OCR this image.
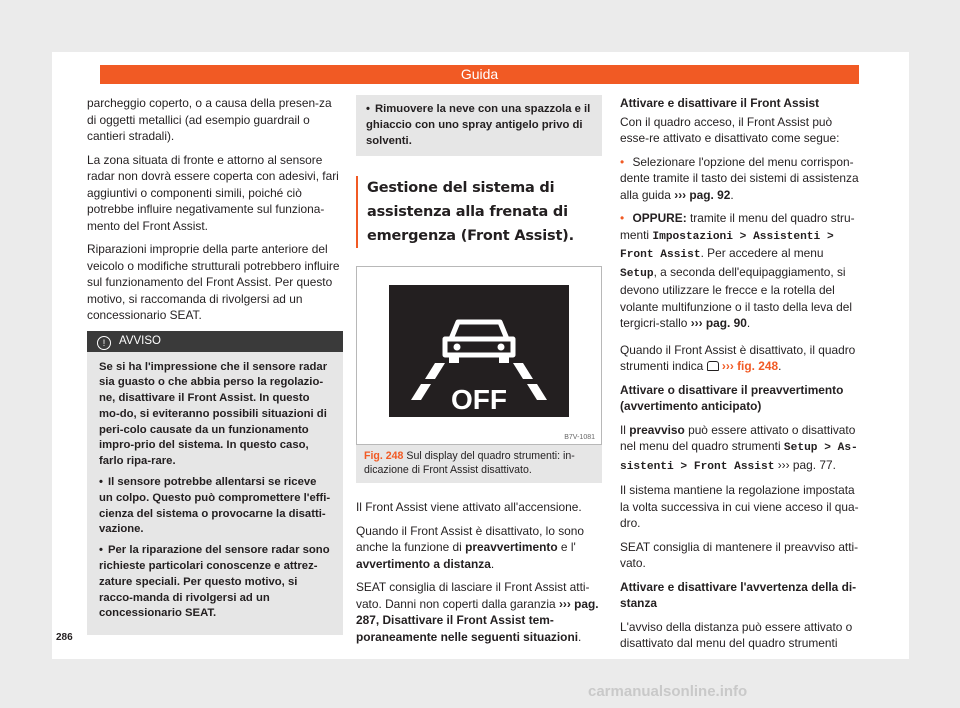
Guida

parcheggio coperto, o a causa della presen-za di oggetti metallici (ad esempio guardrail o cantieri stradali).

La zona situata di fronte e attorno al sensore radar non dovrà essere coperta con adesivi, fari aggiuntivi o componenti simili, poiché ciò potrebbe influire negativamente sul funziona-mento del Front Assist.

Riparazioni improprie della parte anteriore del veicolo o modifiche strutturali potrebbero influire sul funzionamento del Front Assist. Per questo motivo, si raccomanda di rivolgersi ad un concessionario SEAT.

! AVVISO

Se si ha l'impressione che il sensore radar sia guasto o che abbia perso la regolazio-ne, disattivare il Front Assist. In questo mo-do, si eviteranno possibili situazioni di peri-colo causate da un funzionamento impro-prio del sistema. In questo caso, farlo ripa-rare.

• Il sensore potrebbe allentarsi se riceve un colpo. Questo può compromettere l'effi-cienza del sistema o provocarne la disatti-vazione.

• Per la riparazione del sensore radar sono richieste particolari conoscenze e attrez-zature speciali. Per questo motivo, si racco-manda di rivolgersi ad un concessionario SEAT.

• Rimuovere la neve con una spazzola e il ghiaccio con uno spray antigelo privo di solventi.
Gestione del sistema di assistenza alla frenata di emergenza (Front Assist).
OFF
B7V-1081
Fig. 248 Sul display del quadro strumenti: in-dicazione di Front Assist disattivato.

Il Front Assist viene attivato all'accensione.

Quando il Front Assist è disattivato, lo sono anche la funzione di preavvertimento e l' avvertimento a distanza.

SEAT consiglia di lasciare il Front Assist atti-vato. Danni non coperti dalla garanzia ››› pag. 287, Disattivare il Front Assist tem-poraneamente nelle seguenti situazioni.

Attivare e disattivare il Front Assist

Con il quadro acceso, il Front Assist può esse-re attivato e disattivato come segue:

• Selezionare l'opzione del menu corrispon-dente tramite il tasto dei sistemi di assistenza alla guida ››› pag. 92.

• OPPURE: tramite il menu del quadro stru-menti Impostazioni > Assistenti > Front Assist. Per accedere al menu Setup, a seconda dell'equipaggiamento, si devono utilizzare le frecce e la rotella del volante multifunzione o il tasto della leva del tergicri-stallo ››› pag. 90.

Quando il Front Assist è disattivato, il quadro strumenti indica ››› fig. 248.

Attivare o disattivare il preavvertimento (avvertimento anticipato)

Il preavviso può essere attivato o disattivato nel menu del quadro strumenti Setup > As-sistenti > Front Assist ››› pag. 77.

Il sistema mantiene la regolazione impostata la volta successiva in cui viene acceso il qua-dro.

SEAT consiglia di mantenere il preavviso atti-vato.

Attivare e disattivare l'avvertenza della di-stanza

L'avviso della distanza può essere attivato o disattivato dal menu del quadro strumenti

286
carmanualsonline.info
